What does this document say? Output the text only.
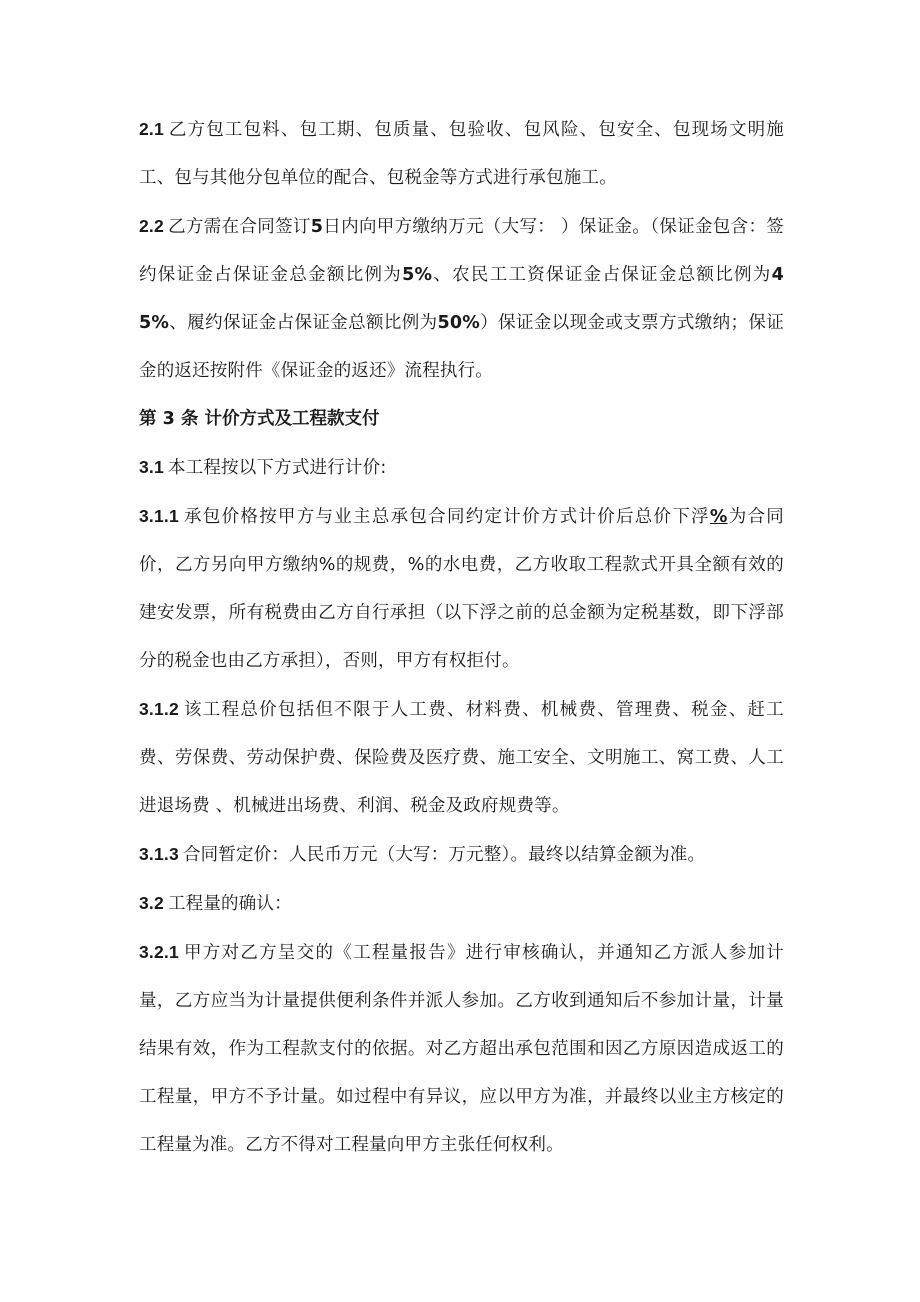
2.1 乙方包工包料、包工期、包质量、包验收、包风险、包安全、包现场文明施工、包与其他分包单位的配合、包税金等方式进行承包施工。

2.2 乙方需在合同签订5日内向甲方缴纳万元（大写： ）保证金。（保证金包含：签约保证金占保证金总金额比例为5%、农民工工资保证金占保证金总额比例为45%、履约保证金占保证金总额比例为50%）保证金以现金或支票方式缴纳；保证金的返还按附件《保证金的返还》流程执行。

第 3 条 计价方式及工程款支付

3.1 本工程按以下方式进行计价:

3.1.1 承包价格按甲方与业主总承包合同约定计价方式计价后总价下浮%为合同价，乙方另向甲方缴纳%的规费，%的水电费，乙方收取工程款式开具全额有效的建安发票，所有税费由乙方自行承担（以下浮之前的总金额为定税基数，即下浮部分的税金也由乙方承担），否则，甲方有权拒付。

3.1.2 该工程总价包括但不限于人工费、材料费、机械费、管理费、税金、赶工费、劳保费、劳动保护费、保险费及医疗费、施工安全、文明施工、窝工费、人工进退场费 、机械进出场费、利润、税金及政府规费等。

3.1.3 合同暂定价：人民币万元（大写：万元整）。最终以结算金额为准。

3.2 工程量的确认：

3.2.1 甲方对乙方呈交的《工程量报告》进行审核确认，并通知乙方派人参加计量，乙方应当为计量提供便利条件并派人参加。乙方收到通知后不参加计量，计量结果有效，作为工程款支付的依据。对乙方超出承包范围和因乙方原因造成返工的工程量，甲方不予计量。如过程中有异议，应以甲方为准，并最终以业主方核定的工程量为准。乙方不得对工程量向甲方主张任何权利。
